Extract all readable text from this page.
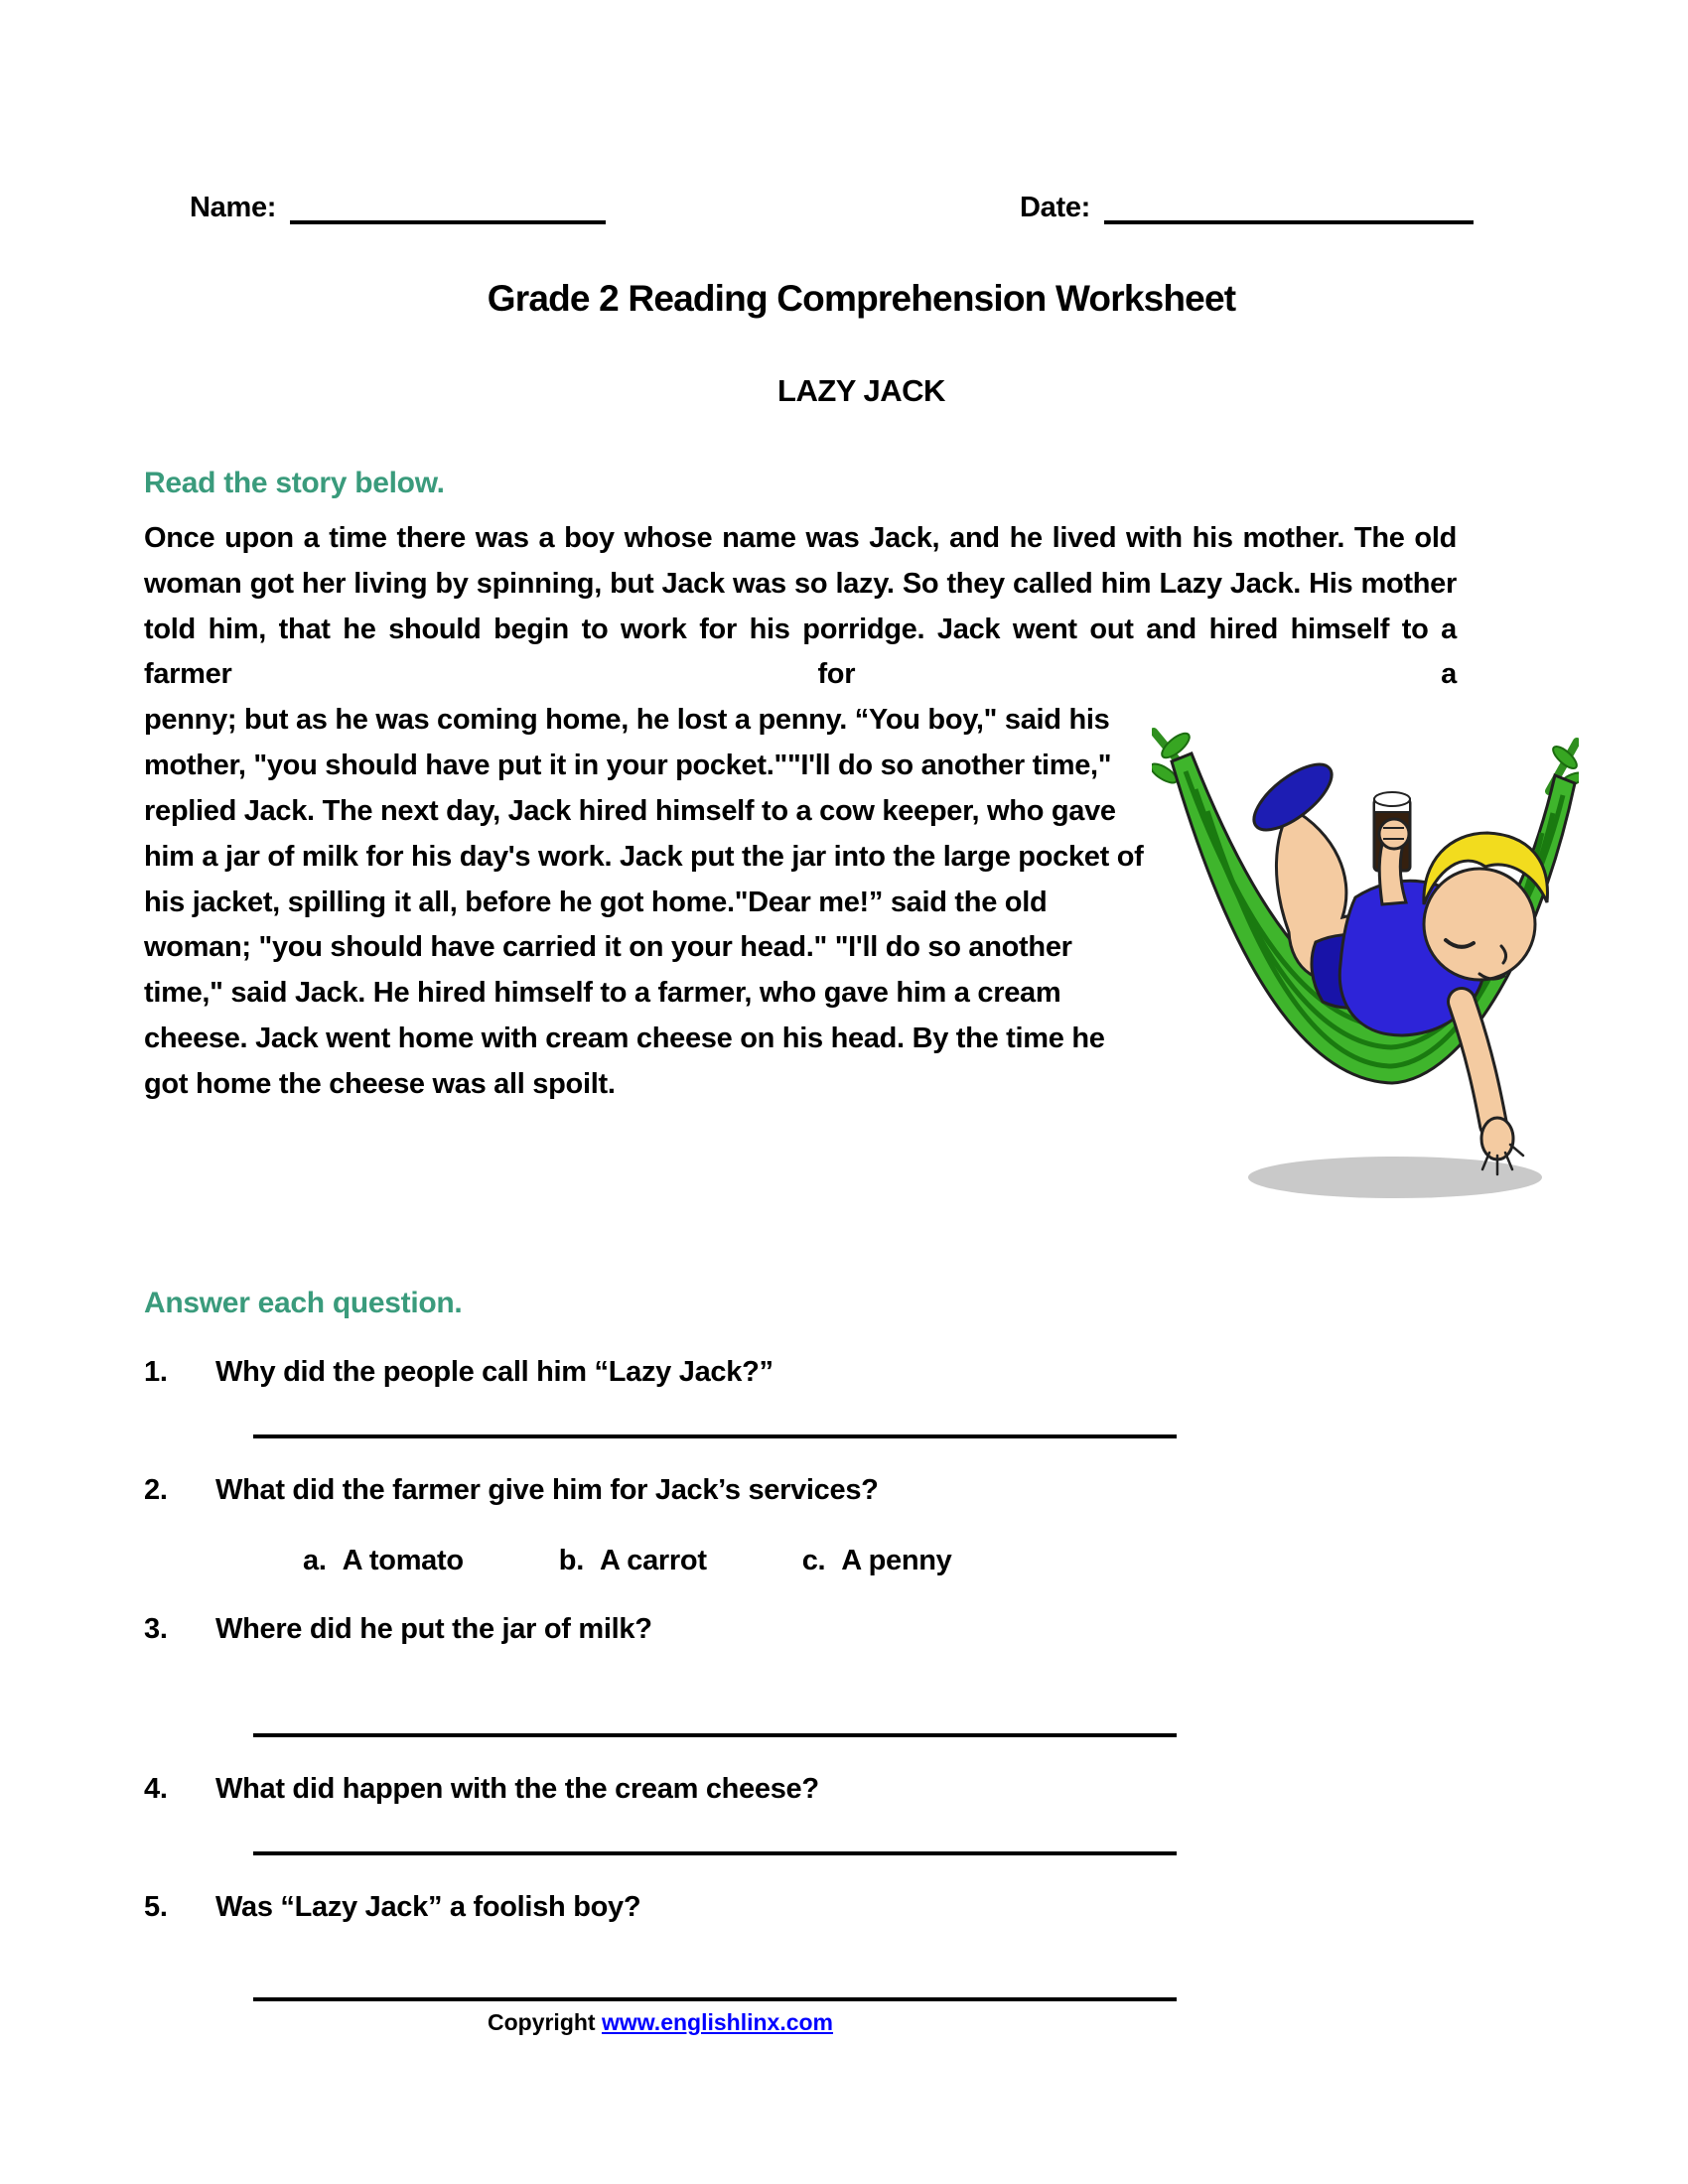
Name:	Date:
Grade 2 Reading Comprehension Worksheet
LAZY JACK
Read the story below.
Once upon a time there was a boy whose name was Jack, and he lived with his mother. The old woman got her living by spinning, but Jack was so lazy. So they called him Lazy Jack. His mother told him, that he should begin to work for his porridge. Jack went out and hired himself to a farmer for a
penny; but as he was coming home, he lost a penny. “You boy," said his mother, "you should have put it in your pocket.""I'll do so another time," replied Jack. The next day, Jack hired himself to a cow keeper, who gave him a jar of milk for his day's work. Jack put the jar into the large pocket of his jacket, spilling it all, before he got home."Dear me!” said the old woman; "you should have carried it on your head." "I'll do so another time," said Jack. He hired himself to a farmer, who gave him a cream cheese. Jack went home with cream cheese on his head. By the time he got home the cheese was all spoilt.
Answer each question.
1.	Why did the people call him “Lazy Jack?”
2.	What did the farmer give him for Jack’s services?
a. A tomato	b. A carrot	c. A penny
3.	Where did he put the jar of milk?
4.	What did happen with the the cream cheese?
5.	Was “Lazy Jack” a foolish boy?
Copyright www.englishlinx.com
